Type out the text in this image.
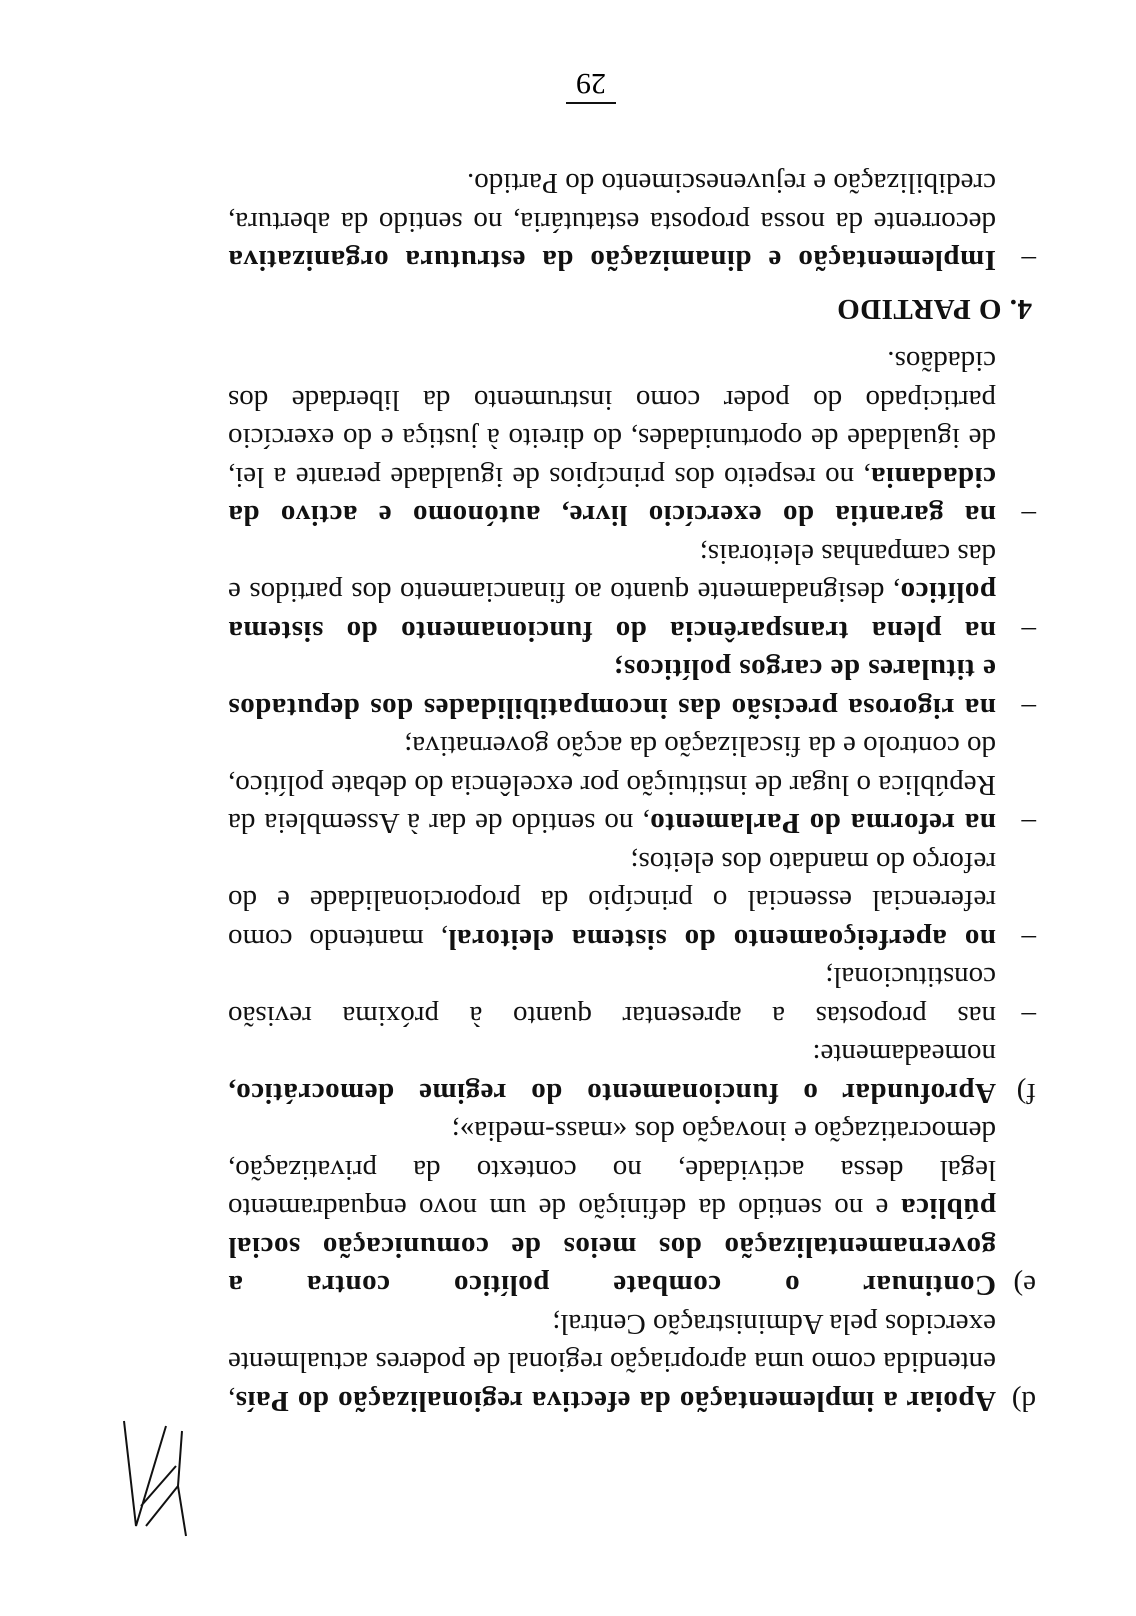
d)
Apoiar a implementação da efectiva regionalização do País, entendida como uma apropriação regional de poderes actualmente exercidos pela Administração Central;

e)
Continuar o combate político contra a governamentalização dos meios de comunicação social pública e no sentido da definição de um novo enquadramento legal dessa actividade, no contexto da privatização, democratização e inovação dos «mass-media»;

f)
Aprofundar o funcionamento do regime democrático, nomeadamente:

–
nas propostas a apresentar quanto à próxima revisão constitucional;

–
no aperfeiçoamento do sistema eleitoral, mantendo como referencial essencial o princípio da proporcionalidade e do reforço do mandato dos eleitos;

–
na reforma do Parlamento, no sentido de dar à Assembleia da República o lugar de instituição por excelência do debate político, do controlo e da fiscalização da acção governativa;

–
na rigorosa precisão das incompatibilidades dos deputados e titulares de cargos políticos;

–
na plena transparência do funcionamento do sistema político, designadamente quanto ao financiamento dos partidos e das campanhas eleitorais;

–
na garantia do exercício livre, autónomo e activo da cidadania, no respeito dos princípios de igualdade perante a lei, de igualdade de oportunidades, do direito à justiça e do exercício participado do poder como instrumento da liberdade dos cidadãos.

4. O PARTIDO

–
Implementação e dinamização da estrutura organizativa decorrente da nossa proposta estatutária, no sentido da abertura, credibilização e rejuvenescimento do Partido.

29
